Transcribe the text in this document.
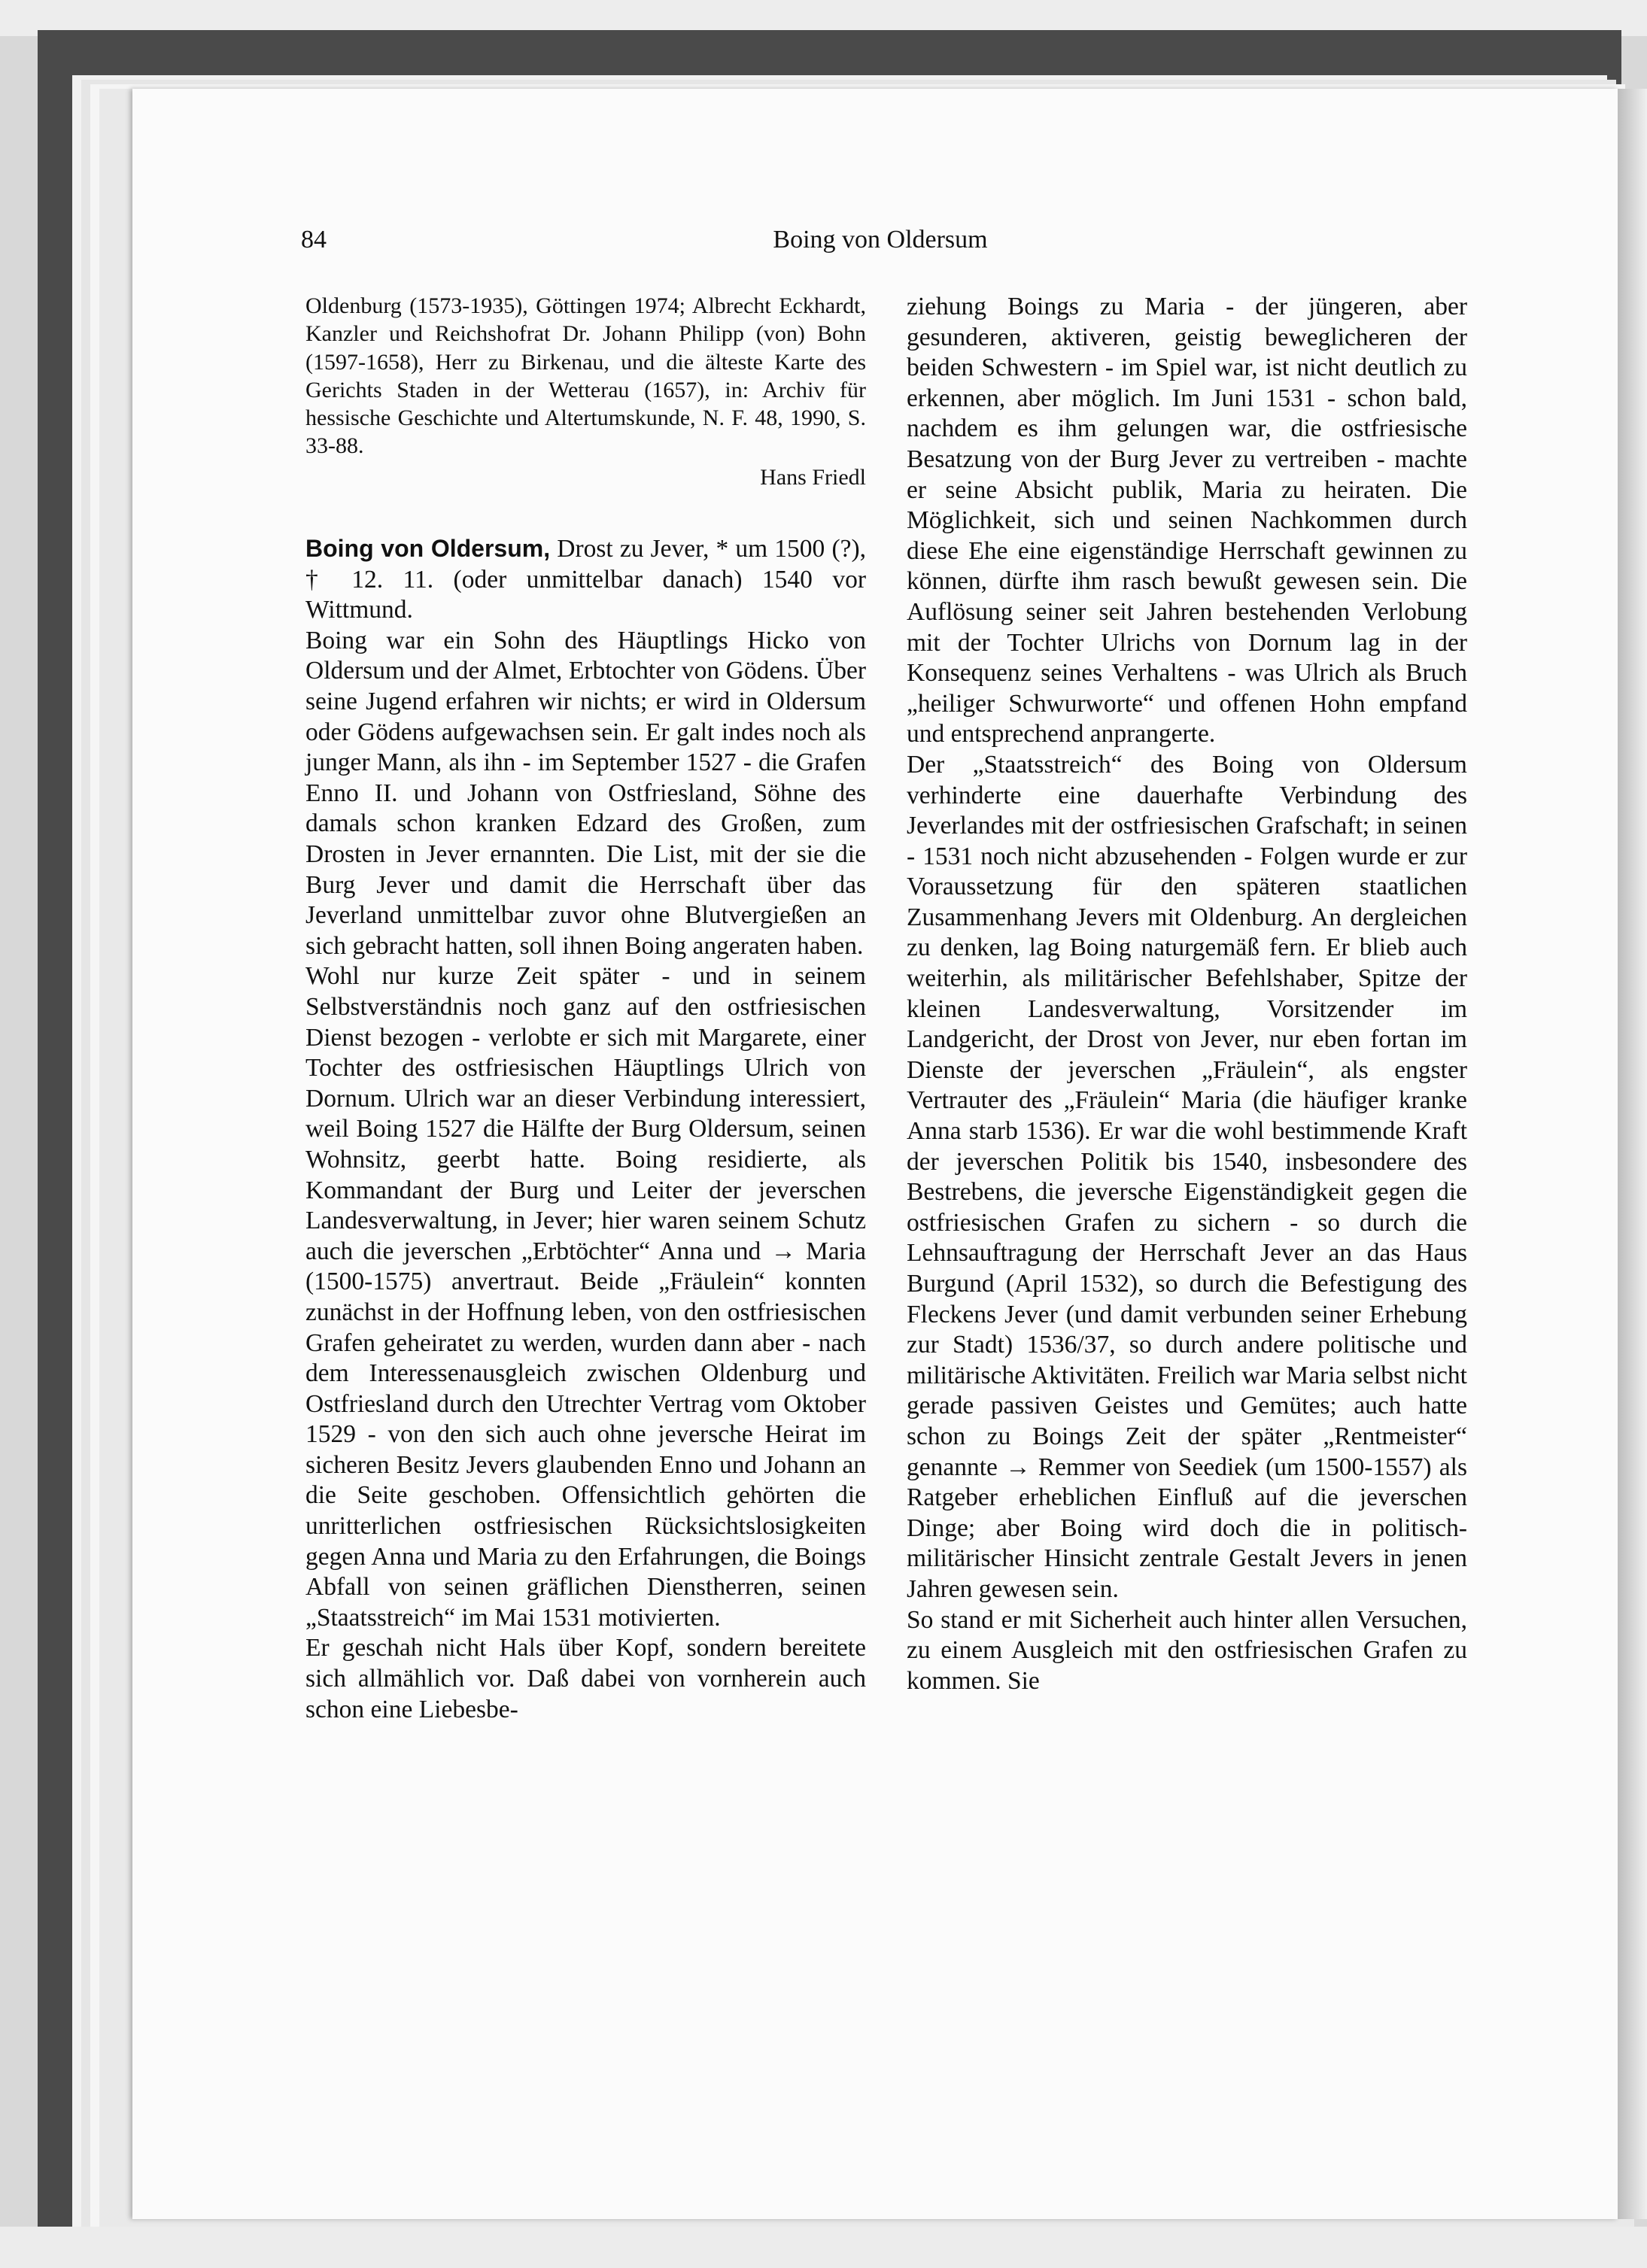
84	Boing von Oldersum

Oldenburg (1573-1935), Göttingen 1974; Albrecht Eckhardt, Kanzler und Reichshofrat Dr. Johann Philipp (von) Bohn (1597-1658), Herr zu Birkenau, und die älteste Karte des Gerichts Staden in der Wetterau (1657), in: Archiv für hessische Geschichte und Altertumskunde, N. F. 48, 1990, S. 33-88.

Hans Friedl

Boing von Oldersum, Drost zu Jever, * um 1500 (?), † 12. 11. (oder unmittelbar danach) 1540 vor Wittmund.

Boing war ein Sohn des Häuptlings Hicko von Oldersum und der Almet, Erbtochter von Gödens. Über seine Jugend erfahren wir nichts; er wird in Oldersum oder Gödens aufgewachsen sein. Er galt indes noch als junger Mann, als ihn - im September 1527 - die Grafen Enno II. und Johann von Ostfriesland, Söhne des damals schon kranken Edzard des Großen, zum Drosten in Jever ernannten. Die List, mit der sie die Burg Jever und damit die Herrschaft über das Jeverland unmittelbar zuvor ohne Blutvergießen an sich gebracht hatten, soll ihnen Boing angeraten haben.

Wohl nur kurze Zeit später - und in seinem Selbstverständnis noch ganz auf den ostfriesischen Dienst bezogen - verlobte er sich mit Margarete, einer Tochter des ostfriesischen Häuptlings Ulrich von Dornum. Ulrich war an dieser Verbindung interessiert, weil Boing 1527 die Hälfte der Burg Oldersum, seinen Wohnsitz, geerbt hatte. Boing residierte, als Kommandant der Burg und Leiter der jeverschen Landesverwaltung, in Jever; hier waren seinem Schutz auch die jeverschen „Erbtöchter“ Anna und → Maria (1500-1575) anvertraut. Beide „Fräulein“ konnten zunächst in der Hoffnung leben, von den ostfriesischen Grafen geheiratet zu werden, wurden dann aber - nach dem Interessenausgleich zwischen Oldenburg und Ostfriesland durch den Utrechter Vertrag vom Oktober 1529 - von den sich auch ohne jeversche Heirat im sicheren Besitz Jevers glaubenden Enno und Johann an die Seite geschoben. Offensichtlich gehörten die unritterlichen ostfriesischen Rücksichtslosigkeiten gegen Anna und Maria zu den Erfahrungen, die Boings Abfall von seinen gräflichen Dienstherren, seinen „Staatsstreich“ im Mai 1531 motivierten.

Er geschah nicht Hals über Kopf, sondern bereitete sich allmählich vor. Daß dabei von vornherein auch schon eine Liebesbe-

ziehung Boings zu Maria - der jüngeren, aber gesunderen, aktiveren, geistig beweglicheren der beiden Schwestern - im Spiel war, ist nicht deutlich zu erkennen, aber möglich. Im Juni 1531 - schon bald, nachdem es ihm gelungen war, die ostfriesische Besatzung von der Burg Jever zu vertreiben - machte er seine Absicht publik, Maria zu heiraten. Die Möglichkeit, sich und seinen Nachkommen durch diese Ehe eine eigenständige Herrschaft gewinnen zu können, dürfte ihm rasch bewußt gewesen sein. Die Auflösung seiner seit Jahren bestehenden Verlobung mit der Tochter Ulrichs von Dornum lag in der Konsequenz seines Verhaltens - was Ulrich als Bruch „heiliger Schwurworte“ und offenen Hohn empfand und entsprechend anprangerte.

Der „Staatsstreich“ des Boing von Oldersum verhinderte eine dauerhafte Verbindung des Jeverlandes mit der ostfriesischen Grafschaft; in seinen - 1531 noch nicht abzusehenden - Folgen wurde er zur Voraussetzung für den späteren staatlichen Zusammenhang Jevers mit Oldenburg. An dergleichen zu denken, lag Boing naturgemäß fern. Er blieb auch weiterhin, als militärischer Befehlshaber, Spitze der kleinen Landesverwaltung, Vorsitzender im Landgericht, der Drost von Jever, nur eben fortan im Dienste der jeverschen „Fräulein“, als engster Vertrauter des „Fräulein“ Maria (die häufiger kranke Anna starb 1536). Er war die wohl bestimmende Kraft der jeverschen Politik bis 1540, insbesondere des Bestrebens, die jeversche Eigenständigkeit gegen die ostfriesischen Grafen zu sichern - so durch die Lehnsauftragung der Herrschaft Jever an das Haus Burgund (April 1532), so durch die Befestigung des Fleckens Jever (und damit verbunden seiner Erhebung zur Stadt) 1536/37, so durch andere politische und militärische Aktivitäten. Freilich war Maria selbst nicht gerade passiven Geistes und Gemütes; auch hatte schon zu Boings Zeit der später „Rentmeister“ genannte → Remmer von Seediek (um 1500-1557) als Ratgeber erheblichen Einfluß auf die jeverschen Dinge; aber Boing wird doch die in politisch-militärischer Hinsicht zentrale Gestalt Jevers in jenen Jahren gewesen sein.

So stand er mit Sicherheit auch hinter allen Versuchen, zu einem Ausgleich mit den ostfriesischen Grafen zu kommen. Sie
